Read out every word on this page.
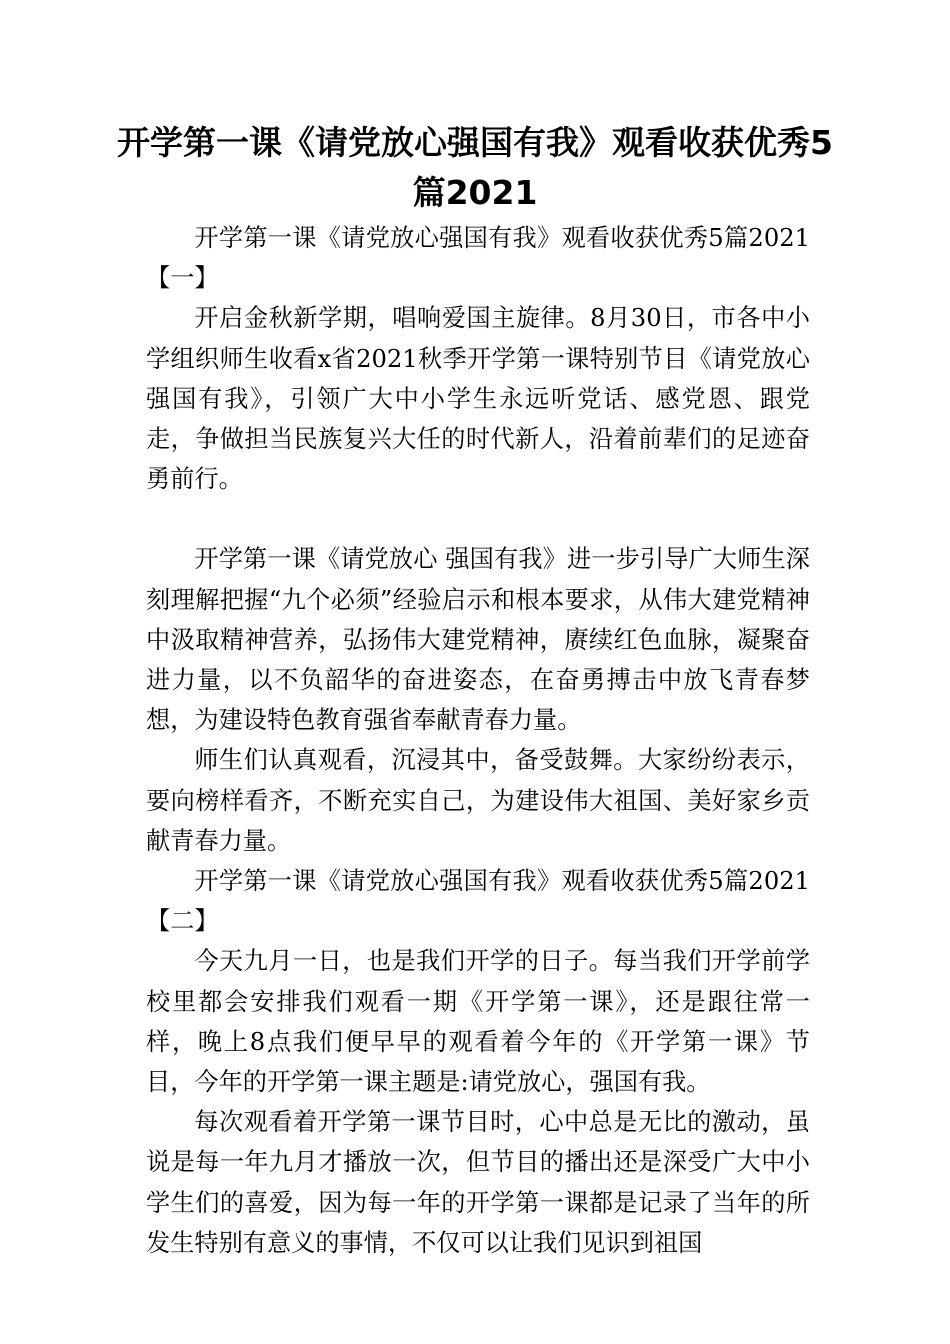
开学第一课《请党放心强国有我》观看收获优秀5篇2021

开学第一课《请党放心强国有我》观看收获优秀5篇2021【一】

开启金秋新学期，唱响爱国主旋律。8月30日，市各中小学组织师生收看x省2021秋季开学第一课特别节目《请党放心 强国有我》，引领广大中小学生永远听党话、感党恩、跟党走，争做担当民族复兴大任的时代新人，沿着前辈们的足迹奋勇前行。

开学第一课《请党放心 强国有我》进一步引导广大师生深刻理解把握“九个必须”经验启示和根本要求，从伟大建党精神中汲取精神营养，弘扬伟大建党精神，赓续红色血脉，凝聚奋进力量，以不负韶华的奋进姿态，在奋勇搏击中放飞青春梦想，为建设特色教育强省奉献青春力量。

师生们认真观看，沉浸其中，备受鼓舞。大家纷纷表示，要向榜样看齐，不断充实自己，为建设伟大祖国、美好家乡贡献青春力量。

开学第一课《请党放心强国有我》观看收获优秀5篇2021【二】

今天九月一日，也是我们开学的日子。每当我们开学前学校里都会安排我们观看一期《开学第一课》，还是跟往常一样，晚上8点我们便早早的观看着今年的《开学第一课》节目，今年的开学第一课主题是:请党放心，强国有我。

每次观看着开学第一课节目时，心中总是无比的激动，虽说是每一年九月才播放一次，但节目的播出还是深受广大中小学生们的喜爱，因为每一年的开学第一课都是记录了当年的所发生特别有意义的事情，不仅可以让我们见识到祖国
